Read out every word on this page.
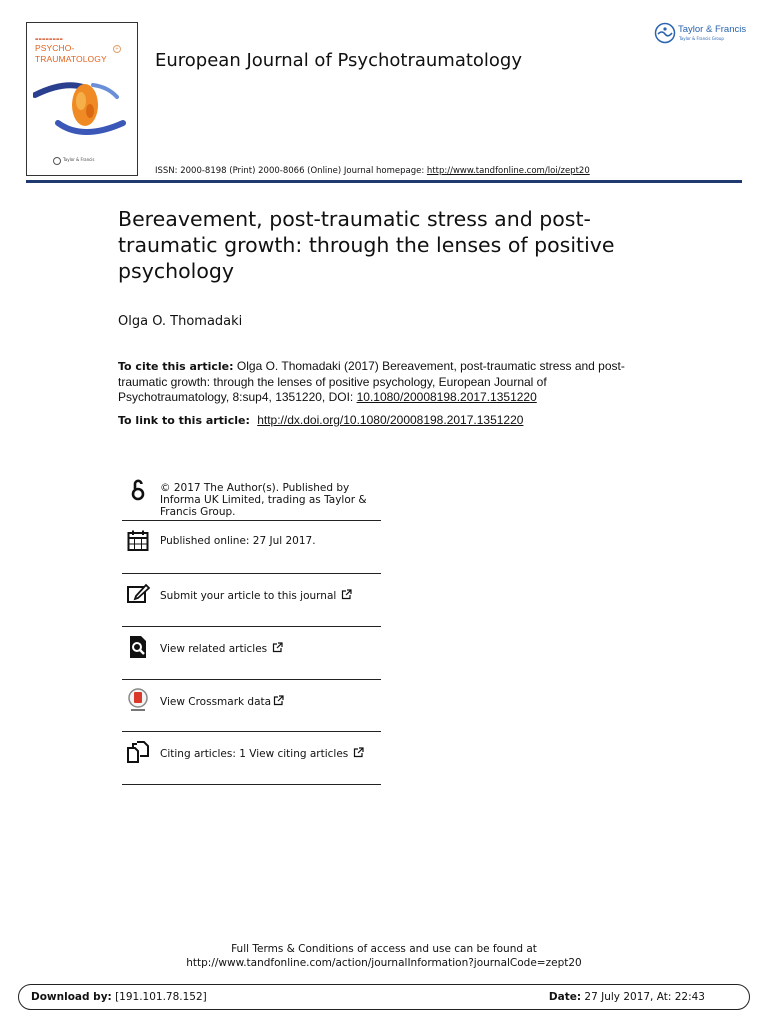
▬▬▬▬▬▬▬▬
PSYCHO-
TRAUMATOLOGY
+
Taylor & Francis
European Journal of Psychotraumatology
Taylor & Francis
Taylor & Francis Group
ISSN: 2000-8198 (Print) 2000-8066 (Online) Journal homepage: http://www.tandfonline.com/loi/zept20
Bereavement, post-traumatic stress and post-traumatic growth: through the lenses of positive psychology
Olga O. Thomadaki
To cite this article: Olga O. Thomadaki (2017) Bereavement, post-traumatic stress and post-traumatic growth: through the lenses of positive psychology, European Journal of Psychotraumatology, 8:sup4, 1351220, DOI: 10.1080/20008198.2017.1351220
To link to this article: http://dx.doi.org/10.1080/20008198.2017.1351220
© 2017 The Author(s). Published by Informa UK Limited, trading as Taylor & Francis Group.
Published online: 27 Jul 2017.
Submit your article to this journal
View related articles
View Crossmark data
Citing articles: 1 View citing articles
Full Terms & Conditions of access and use can be found at
http://www.tandfonline.com/action/journalInformation?journalCode=zept20
Download by: [191.101.78.152]	Date: 27 July 2017, At: 22:43
